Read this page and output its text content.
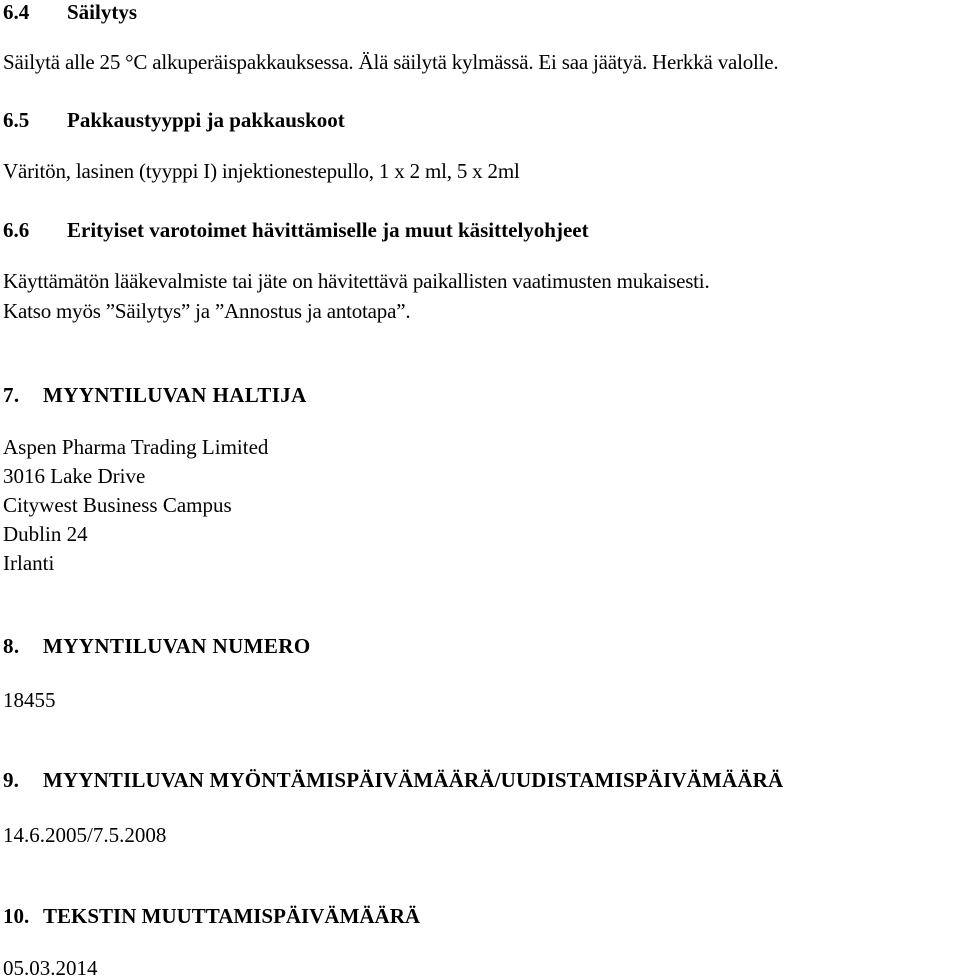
6.4 Säilytys
Säilytä alle 25 °C alkuperäispakkauksessa. Älä säilytä kylmässä. Ei saa jäätyä. Herkkä valolle.
6.5 Pakkaustyyppi ja pakkauskoot
Väritön, lasinen (tyyppi I) injektionestepullo, 1 x 2 ml, 5 x 2ml
6.6 Erityiset varotoimet hävittämiselle ja muut käsittelyohjeet
Käyttämätön lääkevalmiste tai jäte on hävitettävä paikallisten vaatimusten mukaisesti.
Katso myös ”Säilytys” ja ”Annostus ja antotapa”.
7. MYYNTILUVAN HALTIJA
Aspen Pharma Trading Limited
3016 Lake Drive
Citywest Business Campus
Dublin 24
Irlanti
8. MYYNTILUVAN NUMERO
18455
9. MYYNTILUVAN MYÖNTÄMISPÄIVÄMÄÄRÄ/UUDISTAMISPÄIVÄMÄÄRÄ
14.6.2005/7.5.2008
10. TEKSTIN MUUTTAMISPÄIVÄMÄÄRÄ
05.03.2014
